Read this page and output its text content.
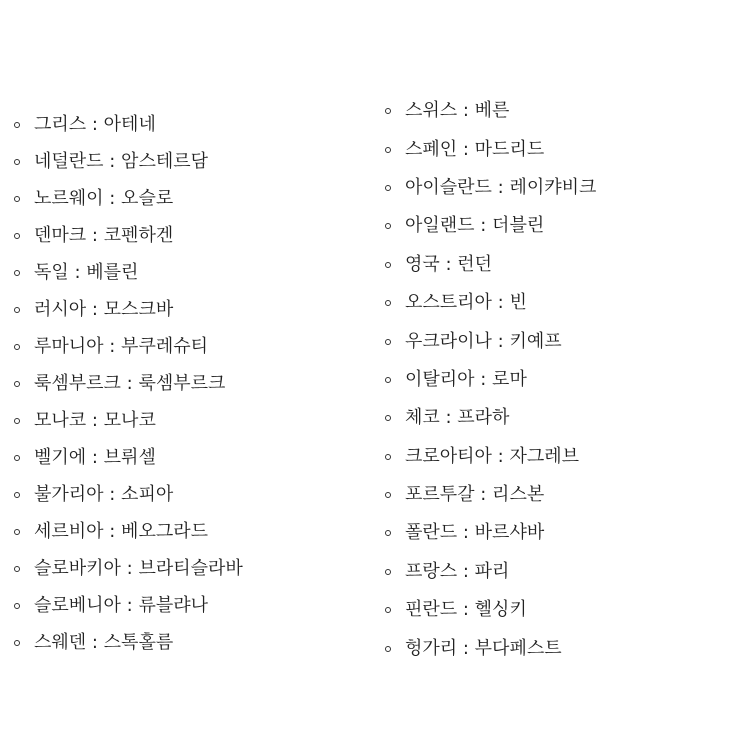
그리스 : 아테네
네덜란드 : 암스테르담
노르웨이 : 오슬로
덴마크 : 코펜하겐
독일 : 베를린
러시아 : 모스크바
루마니아 : 부쿠레슈티
룩셈부르크 : 룩셈부르크
모나코 : 모나코
벨기에 : 브뤼셀
불가리아 : 소피아
세르비아 : 베오그라드
슬로바키아 : 브라티슬라바
슬로베니아 : 류블랴나
스웨덴 : 스톡홀름
스위스 : 베른
스페인 : 마드리드
아이슬란드 : 레이캬비크
아일랜드 : 더블린
영국 : 런던
오스트리아 : 빈
우크라이나 : 키예프
이탈리아 : 로마
체코 : 프라하
크로아티아 : 자그레브
포르투갈 : 리스본
폴란드 : 바르샤바
프랑스 : 파리
핀란드 : 헬싱키
헝가리 : 부다페스트
